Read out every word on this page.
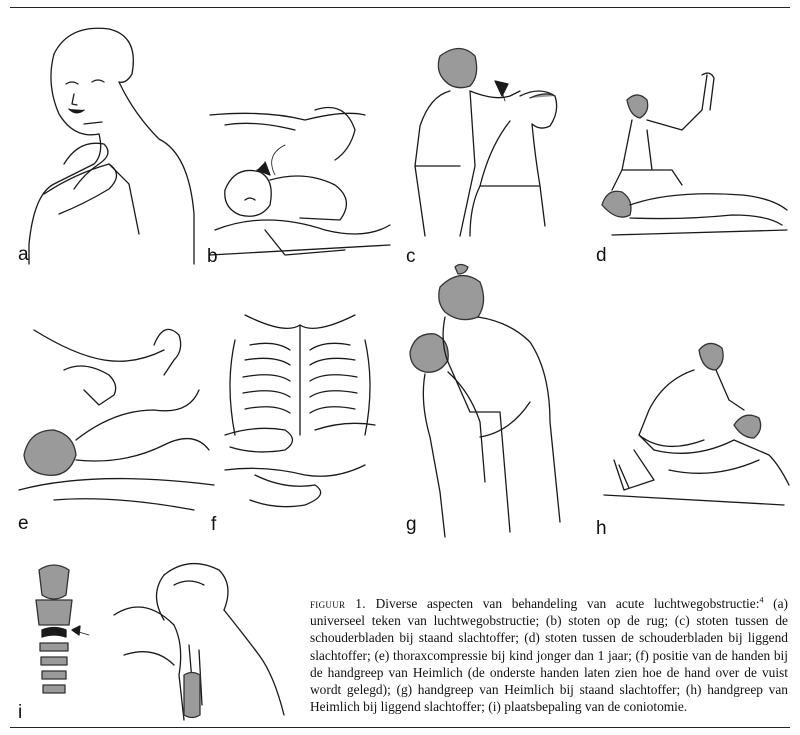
a	b	c	d
e	f	g	h
i
figuur 1. Diverse aspecten van behandeling van acute luchtwegobstructie:$^4$ (a) universeel teken van luchtwegobstructie; (b) stoten op de rug; (c) stoten tussen de schouderbladen bij staand slachtoffer; (d) stoten tussen de schouderbladen bij liggend slachtoffer; (e) thoraxcompressie bij kind jonger dan 1 jaar; (f) positie van de handen bij de handgreep van Heimlich (de onderste handen laten zien hoe de hand over de vuist wordt gelegd); (g) handgreep van Heimlich bij staand slachtoffer; (h) handgreep van Heimlich bij liggend slachtoffer; (i) plaatsbepaling van de coniotomie.
